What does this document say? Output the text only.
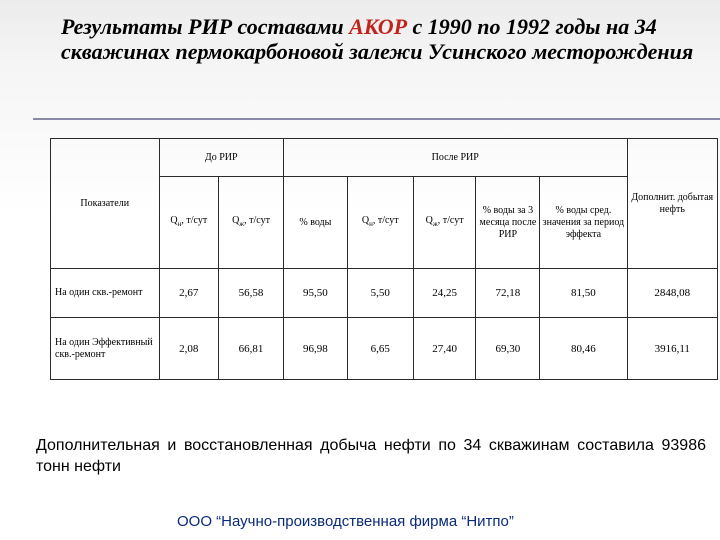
Результаты РИР составами АКОР с 1990 по 1992 годы на 34 скважинах пермокарбоновой залежи Усинского месторождения
Показатели	До РИР		После РИР					Дополнит. добытая нефть
	$Q_н$, т/сут	$Q_ж$, т/сут	% воды	$Q_н$, т/сут	$Q_ж$, т/сут	% воды за 3 месяца после РИР	% воды сред. значения за период эффекта	
На один скв.-ремонт	2,67	56,58	95,50	5,50	24,25	72,18	81,50	2848,08
На один Эффективный скв.-ремонт	2,08	66,81	96,98	6,65	27,40	69,30	80,46	3916,11

Дополнительная и восстановленная добыча нефти по 34 скважинам составила 93986 тонн нефти

ООО “Научно-производственная фирма “Нитпо”
